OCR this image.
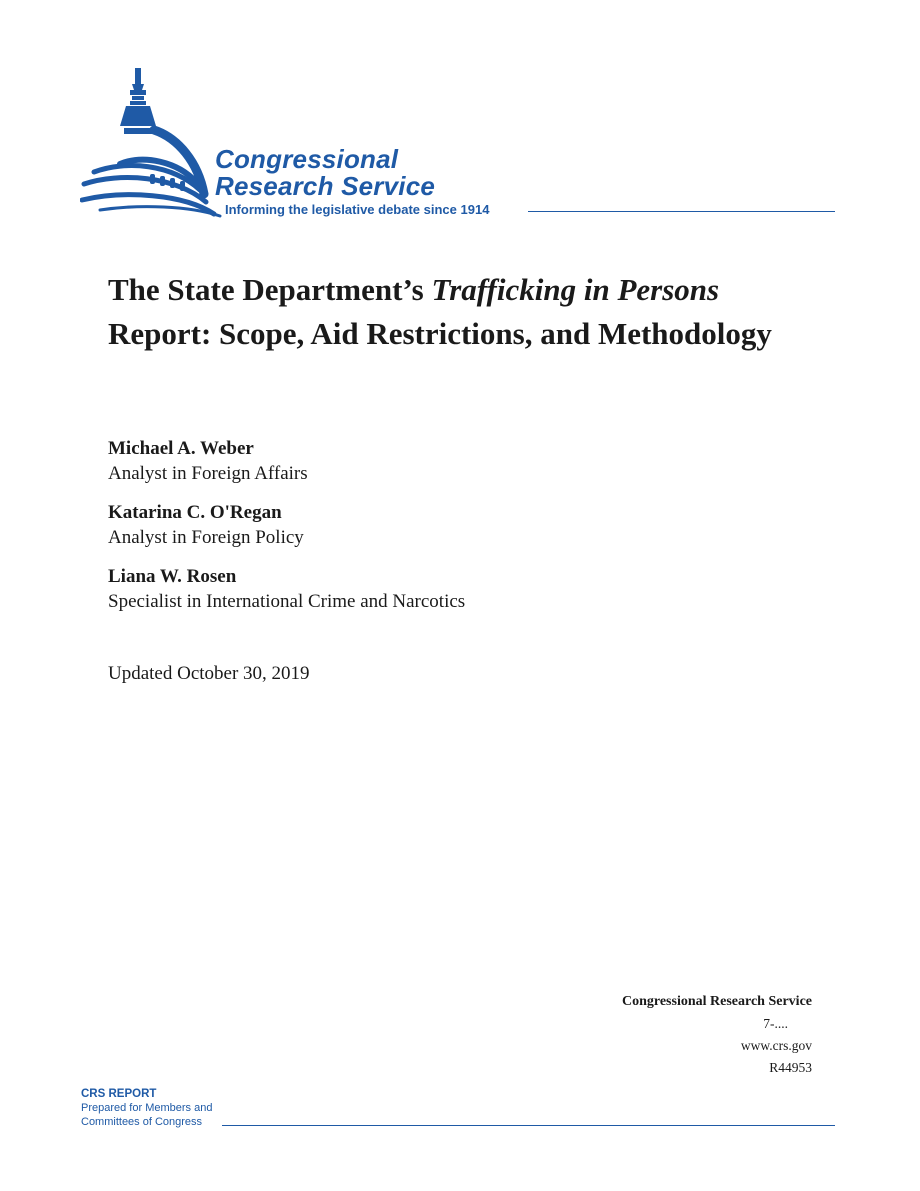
Congressional
Research Service
Informing the legislative debate since 1914
The State Department’s Trafficking in Persons Report: Scope, Aid Restrictions, and Methodology
Michael A. Weber
Analyst in Foreign Affairs
Katarina C. O'Regan
Analyst in Foreign Policy
Liana W. Rosen
Specialist in International Crime and Narcotics
Updated October 30, 2019
Congressional Research Service
7-....
www.crs.gov
R44953
CRS REPORT
Prepared for Members and
Committees of Congress
